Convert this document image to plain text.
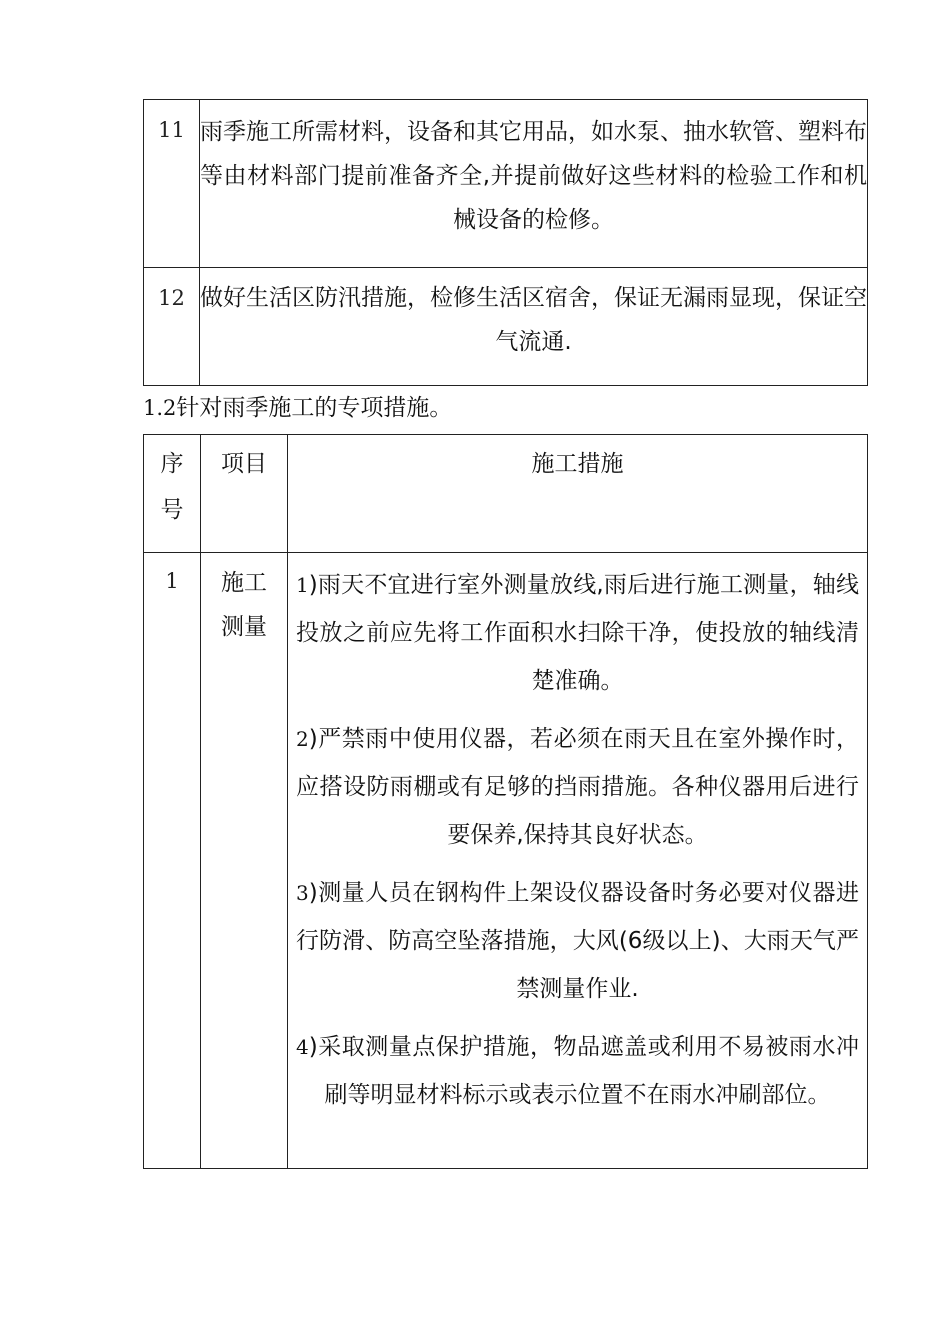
11	雨季施工所需材料，设备和其它用品，如水泵、抽水软管、塑料布等由材料部门提前准备齐全,并提前做好这些材料的检验工作和机械设备的检修。
12	做好生活区防汛措施，检修生活区宿舍，保证无漏雨显现，保证空气流通.
1.2针对雨季施工的专项措施。
序号	项目	施工措施
1	施工测量	1)雨天不宜进行室外测量放线,雨后进行施工测量，轴线投放之前应先将工作面积水扫除干净，使投放的轴线清楚准确。

2)严禁雨中使用仪器，若必须在雨天且在室外操作时，应搭设防雨棚或有足够的挡雨措施。各种仪器用后进行要保养,保持其良好状态。

3)测量人员在钢构件上架设仪器设备时务必要对仪器进行防滑、防高空坠落措施，大风(6级以上)、大雨天气严禁测量作业.

4)采取测量点保护措施，物品遮盖或利用不易被雨水冲刷等明显材料标示或表示位置不在雨水冲刷部位。
